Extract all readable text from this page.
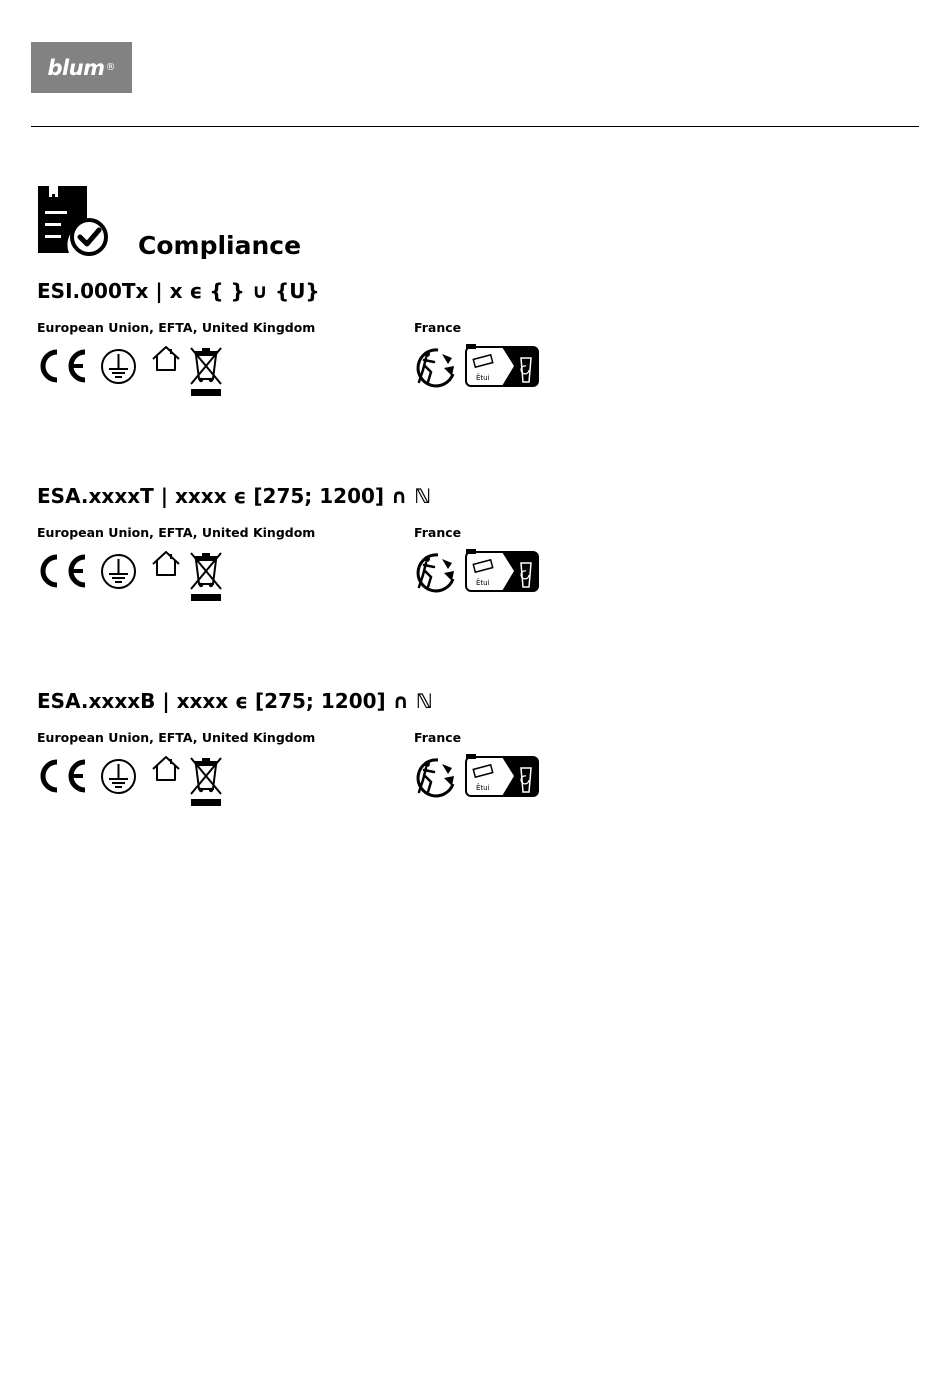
blum ®
Compliance
ESI.000Tx | x ϵ { } ∪ {U}
European Union, EFTA, United Kingdom	France
Êtui
ESA.xxxxT | xxxx ϵ [275; 1200] ∩ ℕ
European Union, EFTA, United Kingdom	France
Êtui
ESA.xxxxB | xxxx ϵ [275; 1200] ∩ ℕ
European Union, EFTA, United Kingdom	France
Êtui
